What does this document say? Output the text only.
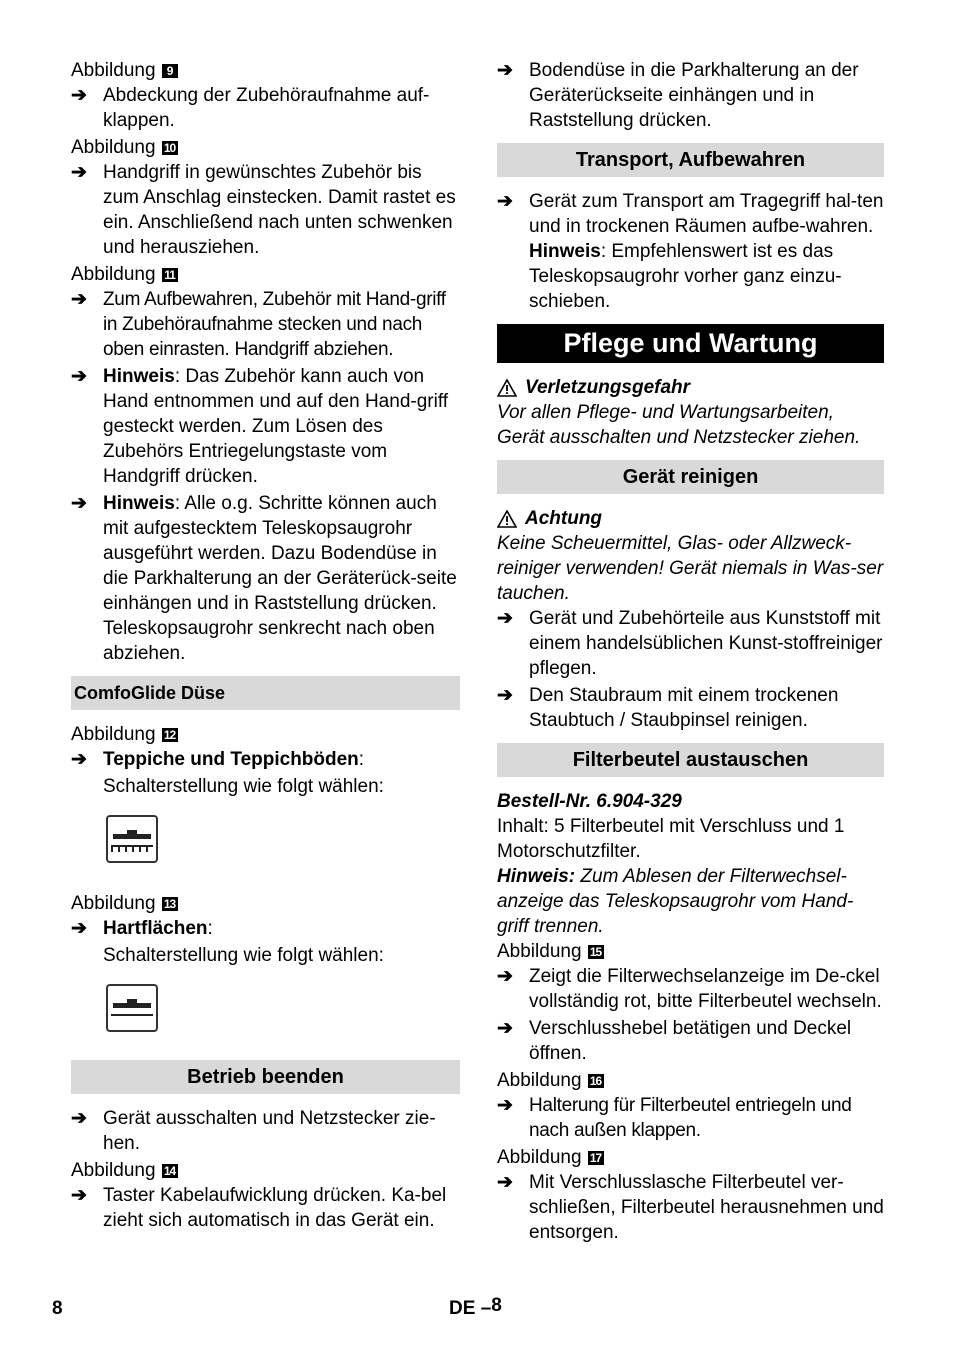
Abbildung 9

➔ Abdeckung der Zubehöraufnahme auf-klappen.

Abbildung 10

➔ Handgriff in gewünschtes Zubehör bis zum Anschlag einstecken. Damit rastet es ein. Anschließend nach unten schwenken und herausziehen.

Abbildung 11

➔ Zum Aufbewahren, Zubehör mit Hand-griff in Zubehöraufnahme stecken und nach oben einrasten. Handgriff abziehen.
➔ Hinweis: Das Zubehör kann auch von Hand entnommen und auf den Hand-griff gesteckt werden. Zum Lösen des Zubehörs Entriegelungstaste vom Handgriff drücken.
➔ Hinweis: Alle o.g. Schritte können auch mit aufgestecktem Teleskopsaugrohr ausgeführt werden. Dazu Bodendüse in die Parkhalterung an der Geräterück-seite einhängen und in Raststellung drücken. Teleskopsaugrohr senkrecht nach oben abziehen.
ComfoGlide Düse

Abbildung 12

➔ Teppiche und Teppichböden:

Schalterstellung wie folgt wählen:

Abbildung 13

➔ Hartflächen:

Schalterstellung wie folgt wählen:

Betrieb beenden
➔ Gerät ausschalten und Netzstecker zie-hen.

Abbildung 14

➔ Taster Kabelaufwicklung drücken. Ka-bel zieht sich automatisch in das Gerät ein.
➔ Bodendüse in die Parkhalterung an der Geräterückseite einhängen und in Raststellung drücken.
Transport, Aufbewahren
➔ Gerät zum Transport am Tragegriff hal-ten und in trockenen Räumen aufbe-wahren.
Hinweis: Empfehlenswert ist es das Teleskopsaugrohr vorher ganz einzu-schieben.
Pflege und Wartung

Verletzungsgefahr

Vor allen Pflege- und Wartungsarbeiten, Gerät ausschalten und Netzstecker ziehen.

Gerät reinigen

Achtung

Keine Scheuermittel, Glas- oder Allzweck-reiniger verwenden! Gerät niemals in Was-ser tauchen.

➔ Gerät und Zubehörteile aus Kunststoff mit einem handelsüblichen Kunst-stoffreiniger pflegen.
➔ Den Staubraum mit einem trockenen Staubtuch / Staubpinsel reinigen.
Filterbeutel austauschen

Bestell-Nr. 6.904-329

Inhalt: 5 Filterbeutel mit Verschluss und 1 Motorschutzfilter.

Hinweis: Zum Ablesen der Filterwechsel-anzeige das Teleskopsaugrohr vom Hand-griff trennen.

Abbildung 15

➔ Zeigt die Filterwechselanzeige im De-ckel vollständig rot, bitte Filterbeutel wechseln.
➔ Verschlusshebel betätigen und Deckel öffnen.

Abbildung 16

➔ Halterung für Filterbeutel entriegeln und nach außen klappen.

Abbildung 17

➔ Mit Verschlusslasche Filterbeutel ver-schließen, Filterbeutel herausnehmen und entsorgen.
8	DE –8
